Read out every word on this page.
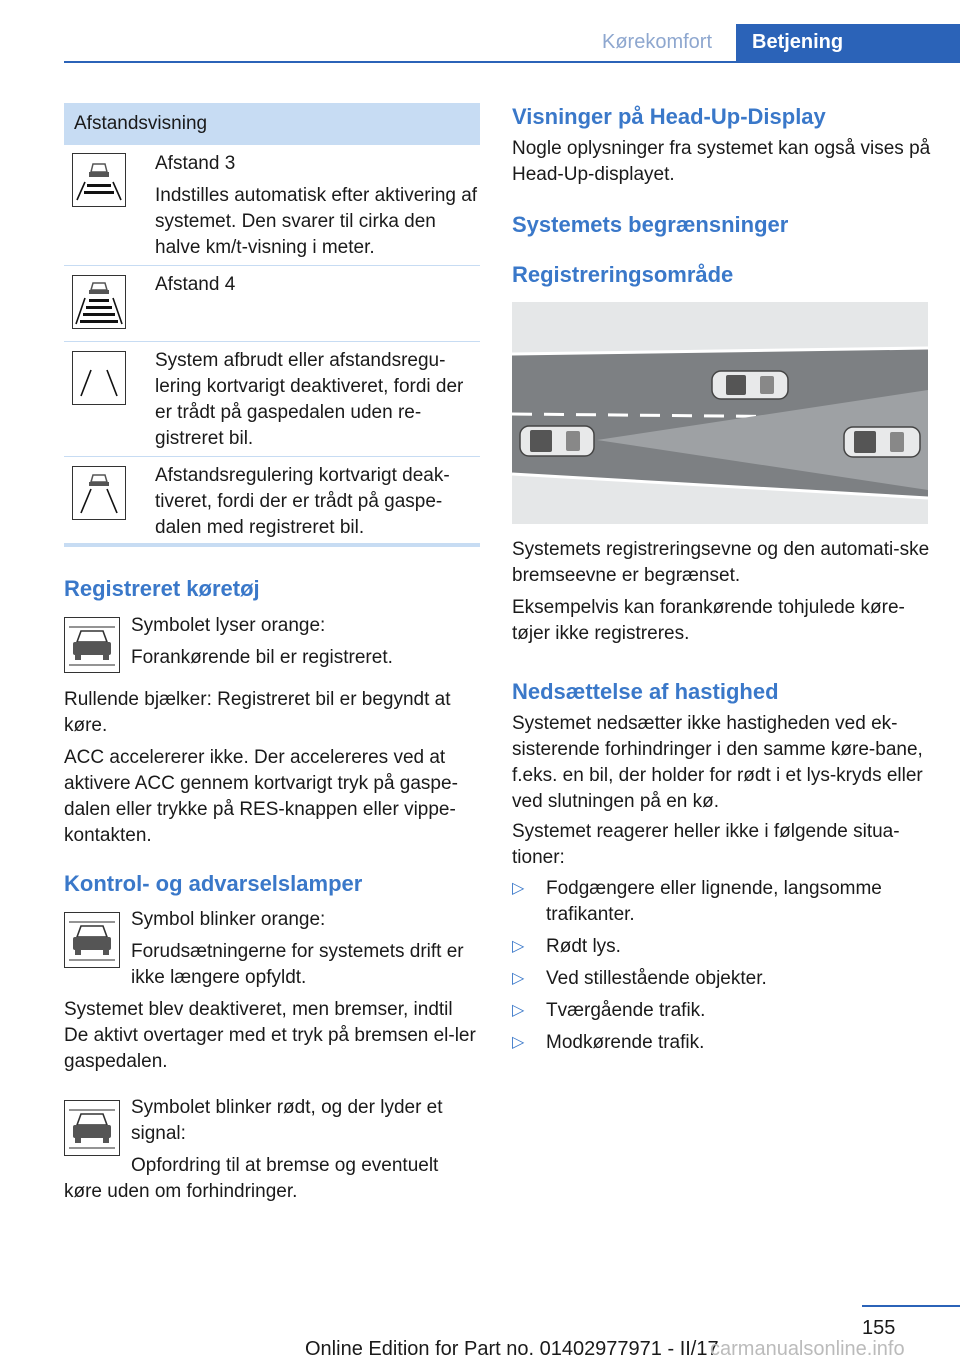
Kørekomfort	Betjening
Afstandsvisning

Afstand 3

Indstilles automatisk efter aktivering af systemet. Den svarer til cirka den halve km/t-visning i meter.

Afstand 4

System afbrudt eller afstandsregu-lering kortvarigt deaktiveret, fordi der er trådt på gaspedalen uden re-gistreret bil.

Afstandsregulering kortvarigt deak-tiveret, fordi der er trådt på gaspe-dalen med registreret bil.

Registreret køretøj
Symbolet lyser orange:
Forankørende bil er registreret.
Rullende bjælker: Registreret bil er begyndt at køre.
ACC accelererer ikke. Der accelereres ved at aktivere ACC gennem kortvarigt tryk på gaspe-dalen eller trykke på RES-knappen eller vippe-kontakten.
Kontrol- og advarselslamper
Symbol blinker orange:
Forudsætningerne for systemets drift er ikke længere opfyldt.
Systemet blev deaktiveret, men bremser, indtil De aktivt overtager med et tryk på bremsen el-ler gaspedalen.
Symbolet blinker rødt, og der lyder et signal:
Opfordring til at bremse og eventuelt
køre uden om forhindringer.
Visninger på Head-Up-Display
Nogle oplysninger fra systemet kan også vises på Head-Up-displayet.
Systemets begrænsninger
Registreringsområde
Systemets registreringsevne og den automati-ske bremseevne er begrænset.
Eksempelvis kan forankørende tohjulede køre-tøjer ikke registreres.
Nedsættelse af hastighed
Systemet nedsætter ikke hastigheden ved ek-sisterende forhindringer i den samme køre-bane, f.eks. en bil, der holder for rødt i et lys-kryds eller ved slutningen på en kø.
Systemet reagerer heller ikke i følgende situa-tioner:
▷ Fodgængere eller lignende, langsomme trafikanter.
▷ Rødt lys.
▷ Ved stillestående objekter.
▷ Tværgående trafik.
▷ Modkørende trafik.
155
Online Edition for Part no. 01402977971 - II/17
carmanualsonline.info
